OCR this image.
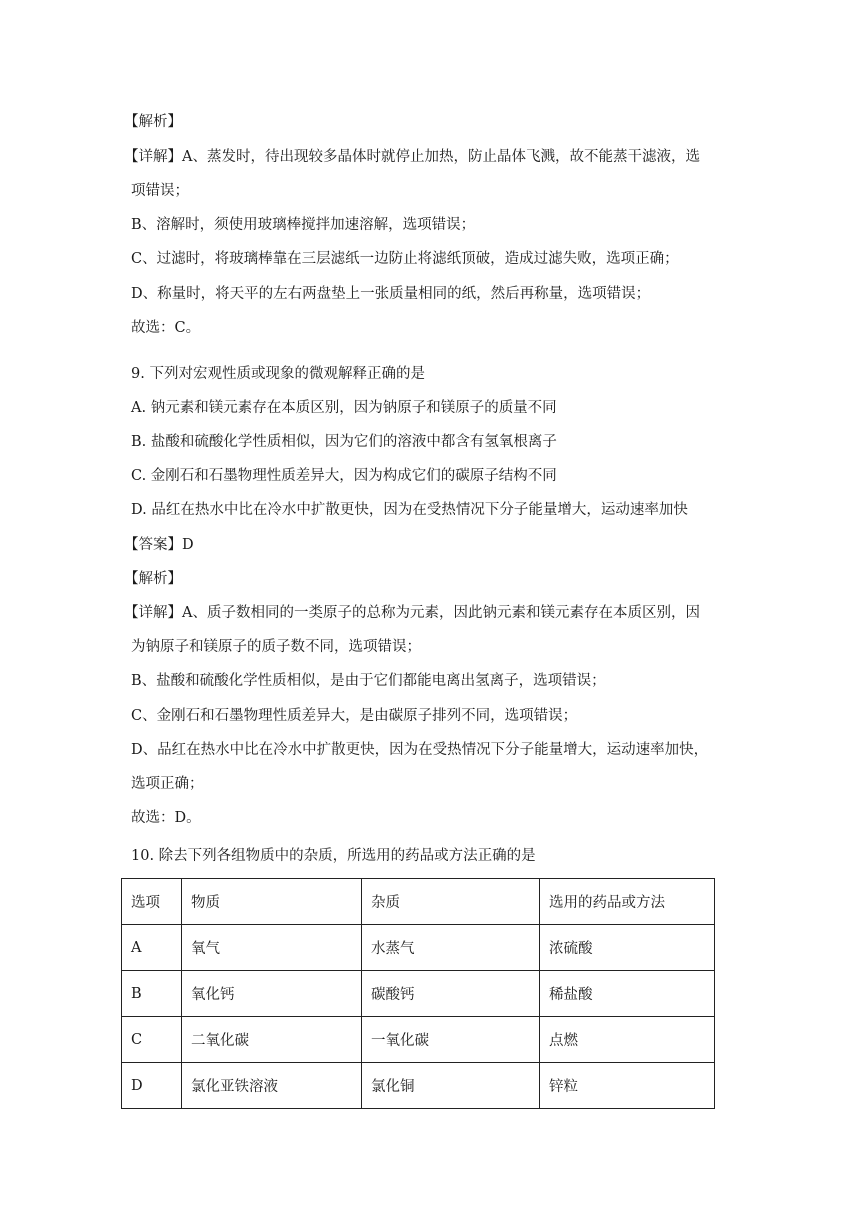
【解析】
【详解】A、蒸发时，待出现较多晶体时就停止加热，防止晶体飞溅，故不能蒸干滤液，选
项错误；
B、溶解时，须使用玻璃棒搅拌加速溶解，选项错误；
C、过滤时，将玻璃棒靠在三层滤纸一边防止将滤纸顶破，造成过滤失败，选项正确；
D、称量时，将天平的左右两盘垫上一张质量相同的纸，然后再称量，选项错误；
故选：C。
9. 下列对宏观性质或现象的微观解释正确的是
A. 钠元素和镁元素存在本质区别，因为钠原子和镁原子的质量不同
B. 盐酸和硫酸化学性质相似，因为它们的溶液中都含有氢氧根离子
C. 金刚石和石墨物理性质差异大，因为构成它们的碳原子结构不同
D. 品红在热水中比在冷水中扩散更快，因为在受热情况下分子能量增大，运动速率加快
【答案】D
【解析】
【详解】A、质子数相同的一类原子的总称为元素，因此钠元素和镁元素存在本质区别，因
为钠原子和镁原子的质子数不同，选项错误；
B、盐酸和硫酸化学性质相似，是由于它们都能电离出氢离子，选项错误；
C、金刚石和石墨物理性质差异大，是由碳原子排列不同，选项错误；
D、品红在热水中比在冷水中扩散更快，因为在受热情况下分子能量增大，运动速率加快，
选项正确；
故选：D。
10. 除去下列各组物质中的杂质，所选用的药品或方法正确的是
选项	物质	杂质	选用的药品或方法
A	氧气	水蒸气	浓硫酸
B	氧化钙	碳酸钙	稀盐酸
C	二氧化碳	一氧化碳	点燃
D	氯化亚铁溶液	氯化铜	锌粒
